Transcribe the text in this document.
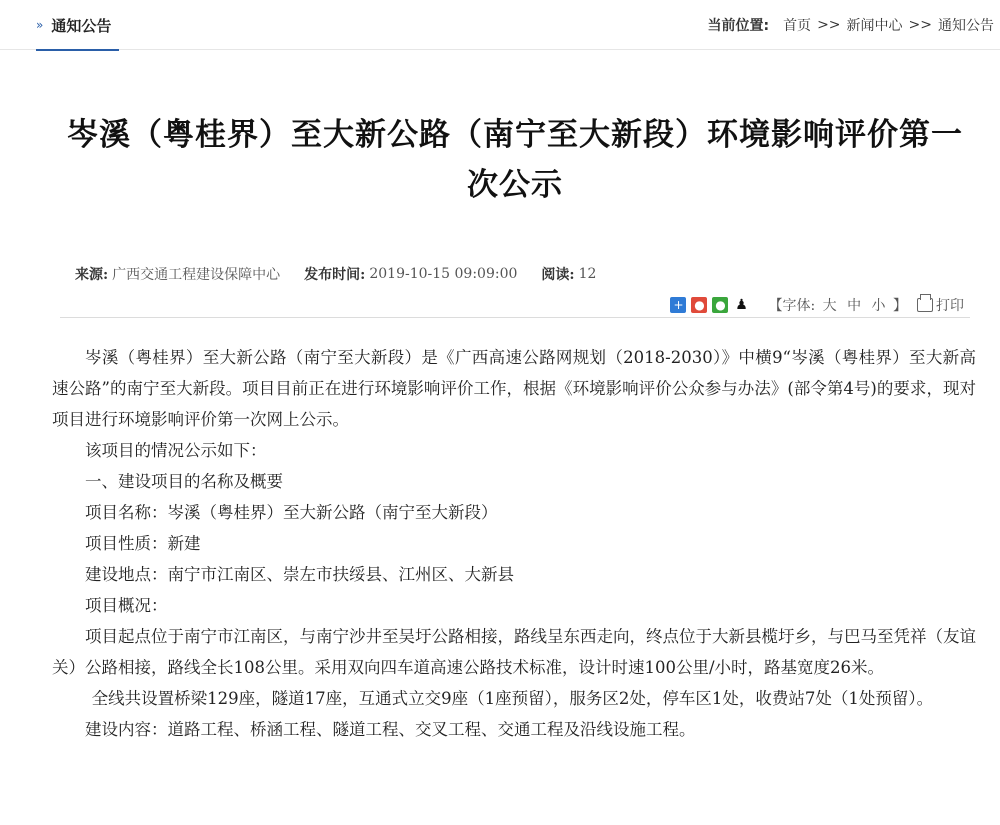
» 通知公告	当前位置: 首页 >> 新闻中心 >> 通知公告
岑溪（粤桂界）至大新公路（南宁至大新段）环境影响评价第一次公示
来源: 广西交通工程建设保障中心 发布时间: 2019-10-15 09:09:00 阅读: 12
+ ● ● ♟ 【字体: 大 中 小 】 打印

岑溪（粤桂界）至大新公路（南宁至大新段）是《广西高速公路网规划（2018-2030）》中横9“岑溪（粤桂界）至大新高速公路”的南宁至大新段。项目目前正在进行环境影响评价工作，根据《环境影响评价公众参与办法》(部令第4号)的要求，现对项目进行环境影响评价第一次网上公示。

该项目的情况公示如下：

一、建设项目的名称及概要

项目名称：岑溪（粤桂界）至大新公路（南宁至大新段）

项目性质：新建

建设地点：南宁市江南区、崇左市扶绥县、江州区、大新县

项目概况：

项目起点位于南宁市江南区，与南宁沙井至吴圩公路相接，路线呈东西走向，终点位于大新县榄圩乡，与巴马至凭祥（友谊关）公路相接，路线全长108公里。采用双向四车道高速公路技术标准，设计时速100公里/小时，路基宽度26米。

全线共设置桥梁129座，隧道17座，互通式立交9座（1座预留），服务区2处，停车区1处，收费站7处（1处预留）。

建设内容：道路工程、桥涵工程、隧道工程、交叉工程、交通工程及沿线设施工程。
